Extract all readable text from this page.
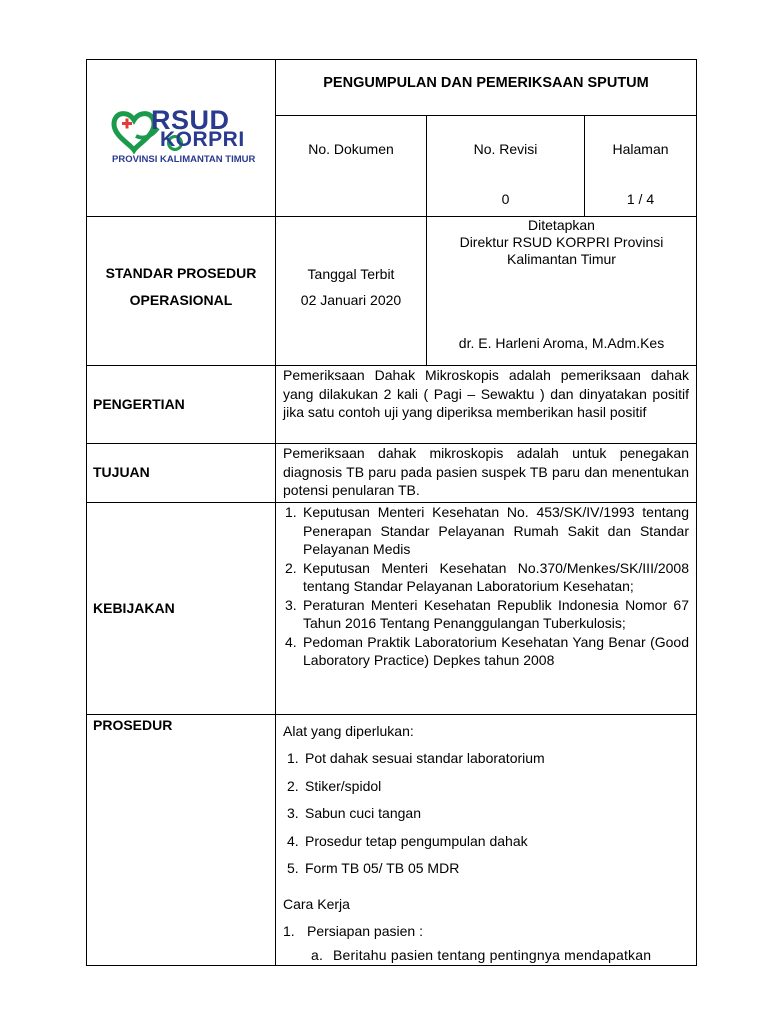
RSUD
KORPRI
PROVINSI KALIMANTAN TIMUR
PENGUMPULAN DAN PEMERIKSAAN SPUTUM
No. Dokumen	No. Revisi
0
Halaman
1 / 4
STANDAR PROSEDUR
OPERASIONAL
Tanggal Terbit
02 Januari 2020
Ditetapkan
Direktur RSUD KORPRI Provinsi
Kalimantan Timur
dr. E. Harleni Aroma, M.Adm.Kes
PENGERTIAN
Pemeriksaan Dahak Mikroskopis adalah pemeriksaan dahak yang dilakukan 2 kali ( Pagi – Sewaktu ) dan dinyatakan positif jika satu contoh uji yang diperiksa memberikan hasil positif
TUJUAN
Pemeriksaan dahak mikroskopis adalah untuk penegakan diagnosis TB paru pada pasien suspek TB paru dan menentukan potensi penularan TB.
KEBIJAKAN
1. Keputusan Menteri Kesehatan No. 453/SK/IV/1993 tentang Penerapan Standar Pelayanan Rumah Sakit dan Standar Pelayanan Medis
2. Keputusan Menteri Kesehatan No.370/Menkes/SK/III/2008 tentang Standar Pelayanan Laboratorium Kesehatan;
3. Peraturan Menteri Kesehatan Republik Indonesia Nomor 67 Tahun 2016 Tentang Penanggulangan Tuberkulosis;
4. Pedoman Praktik Laboratorium Kesehatan Yang Benar (Good Laboratory Practice) Depkes tahun 2008
PROSEDUR	Alat yang diperlukan:
1. Pot dahak sesuai standar laboratorium
2. Stiker/spidol
3. Sabun cuci tangan
4. Prosedur tetap pengumpulan dahak
5. Form TB 05/ TB 05 MDR
Cara Kerja
1. Persiapan pasien :
a. Beritahu pasien tentang pentingnya mendapatkan
